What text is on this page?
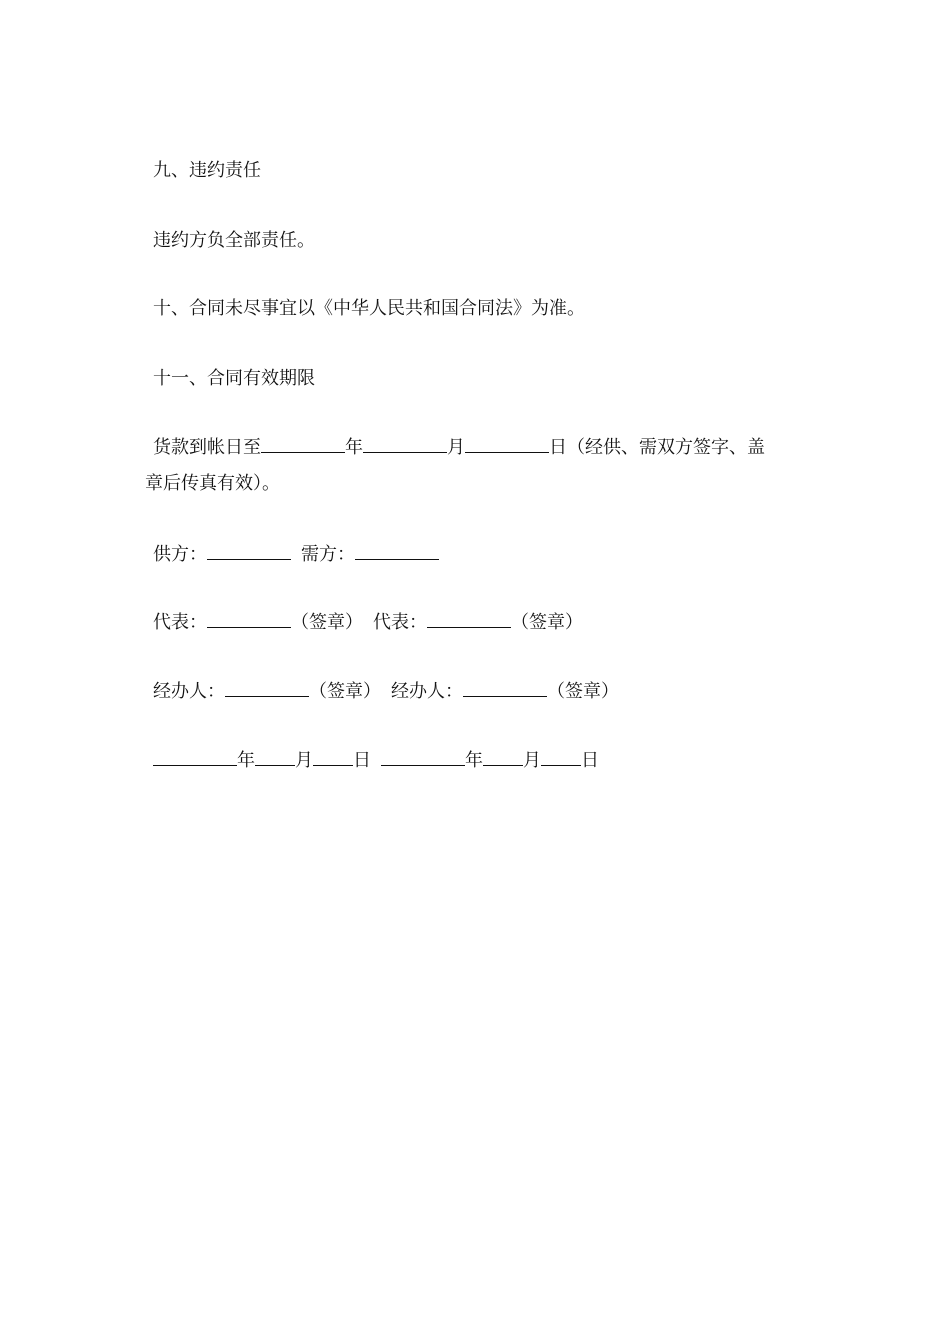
九、违约责任
违约方负全部责任。
十、合同未尽事宜以《中华人民共和国合同法》为准。
十一、合同有效期限
货款到帐日至	年	月	日（经供、需双方签字、盖
章后传真有效）。
供方：	需方：
代表：	（签章） 代表：	（签章）
经办人：	（签章） 经办人：	（签章）
年 月 日	年 月 日
